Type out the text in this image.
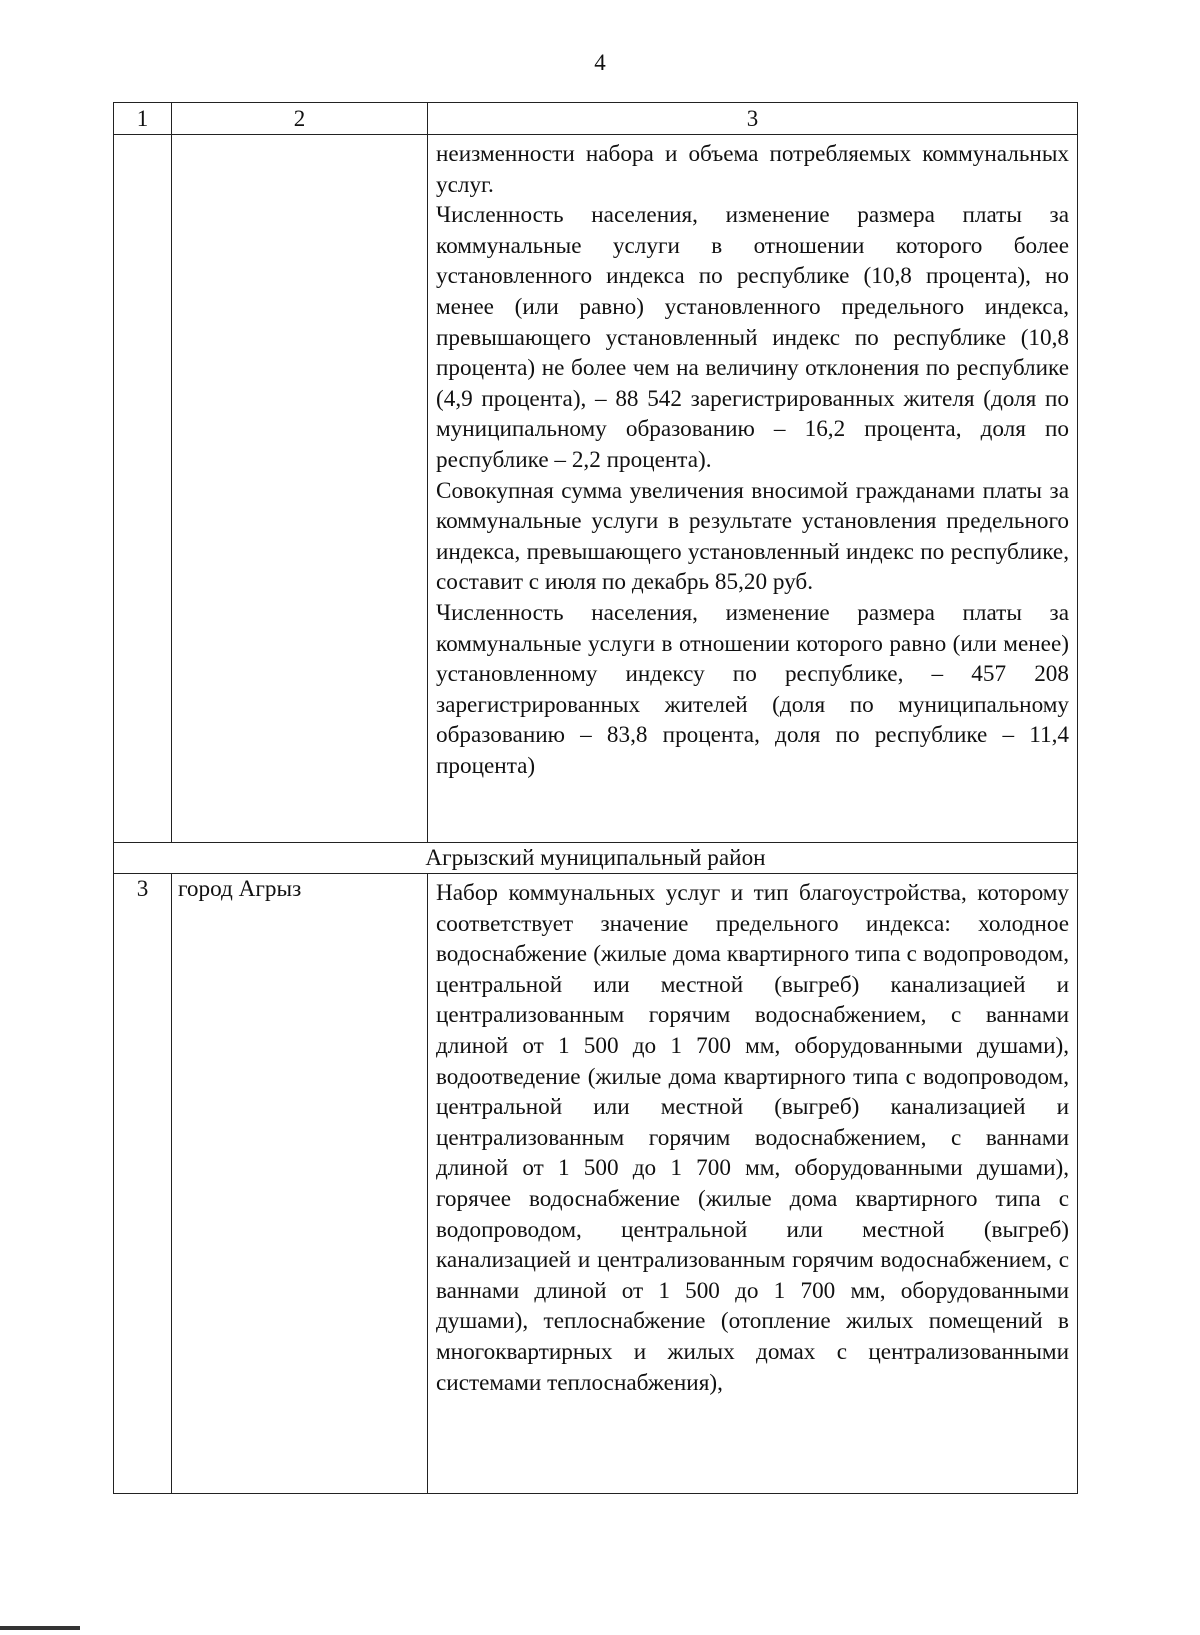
4
1	2	3

		неизменности набора и объема потребляемых коммунальных услуг.

Численность населения, изменение размера платы за коммунальные услуги в отношении которого более установленного индекса по республике (10,8 процента), но менее (или равно) установленного предельного индекса, превышающего установленный индекс по республике (10,8 процента) не более чем на величину отклонения по республике (4,9 процента), – 88 542 зарегистрированных жителя (доля по муниципальному образованию – 16,2 процента, доля по республике – 2,2 процента).

Совокупная сумма увеличения вносимой гражданами платы за коммунальные услуги в результате установления предельного индекса, превышающего установленный индекс по республике, составит с июля по декабрь 85,20 руб.

Численность населения, изменение размера платы за коммунальные услуги в отношении которого равно (или менее) установленному индексу по республике, – 457 208 зарегистрированных жителей (доля по муниципальному образованию – 83,8 процента, доля по республике – 11,4 процента)

Агрызский муниципальный район		
3	город Агрыз	Набор коммунальных услуг и тип благоустройства, которому соответствует значение предельного индекса: холодное водоснабжение (жилые дома квартирного типа с водопроводом, центральной или местной (выгреб) канализацией и централизованным горячим водоснабжением, с ваннами длиной от 1 500 до 1 700 мм, оборудованными душами), водоотведение (жилые дома квартирного типа с водопроводом, центральной или местной (выгреб) канализацией и централизованным горячим водоснабжением, с ваннами длиной от 1 500 до 1 700 мм, оборудованными душами), горячее водоснабжение (жилые дома квартирного типа с водопроводом, центральной или местной (выгреб) канализацией и централизованным горячим водоснабжением, с ваннами длиной от 1 500 до 1 700 мм, оборудованными душами), теплоснабжение (отопление жилых помещений в многоквартирных и жилых домах с централизованными системами теплоснабжения),
